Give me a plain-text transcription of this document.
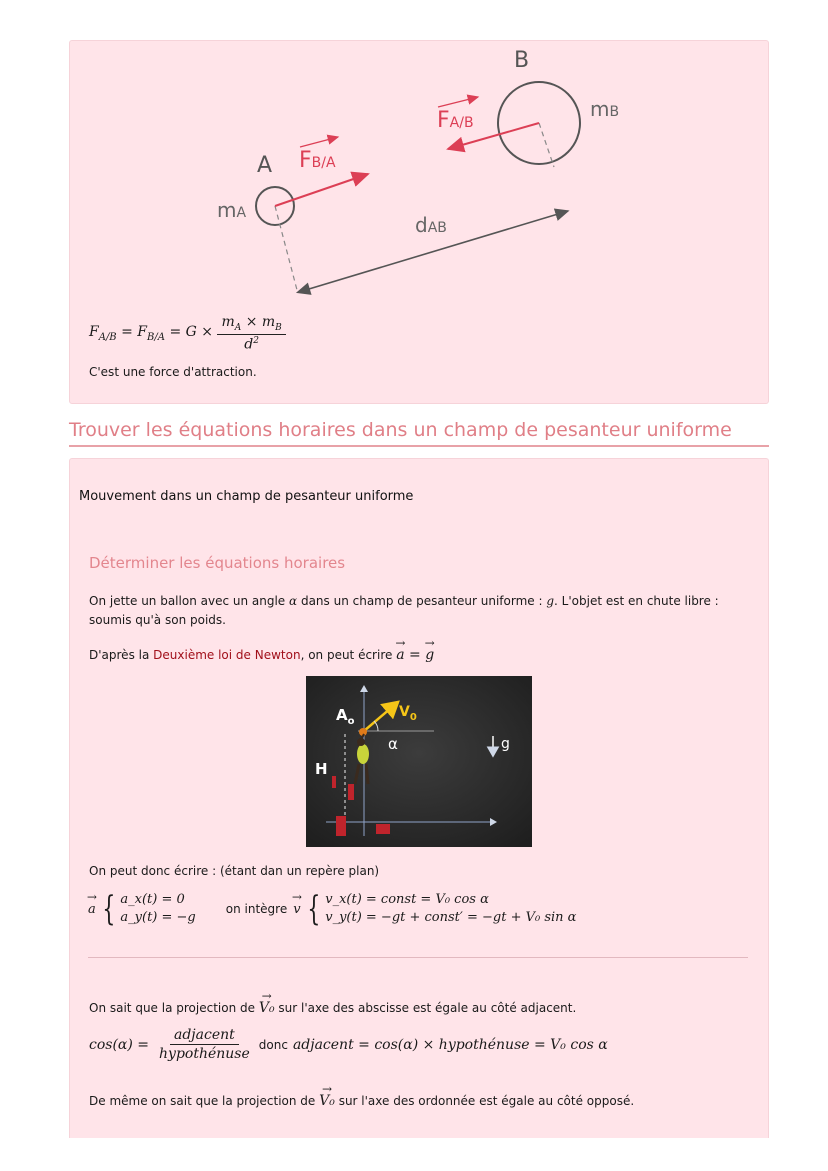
B
A
mA
mB
FB/A
FA/B
dAB
$F_{A/B} = F_{B/A} = G \times \frac{m_A \times m_B}{d^2}$
C'est une force d'attraction.
Trouver les équations horaires dans un champ de pesanteur uniforme
Mouvement dans un champ de pesanteur uniforme
Déterminer les équations horaires
On jette un ballon avec un angle α dans un champ de pesanteur uniforme : g. L'objet est en chute libre : soumis qu'à son poids.
D'après la Deuxième loi de Newton, on peut écrire → a = → g
$A_o$
$V_0$
α	g
H
On peut donc écrire : (étant dan un repère plan)
→ a { a_x(t) = 0
a_y(t) = −g
on intègre → v { v_x(t) = const = V₀ cos α
v_y(t) = −gt + const′ = −gt + V₀ sin α
On sait que la projection de → V₀ sur l'axe des abscisse est égale au côté adjacent.
$\cos(\alpha) = \frac{\text{adjacent}}{\text{hypothénuse}}$ donc adjacent = cos(α) × hypothénuse = V₀ cos α
De même on sait que la projection de → V₀ sur l'axe des ordonnée est égale au côté opposé.
